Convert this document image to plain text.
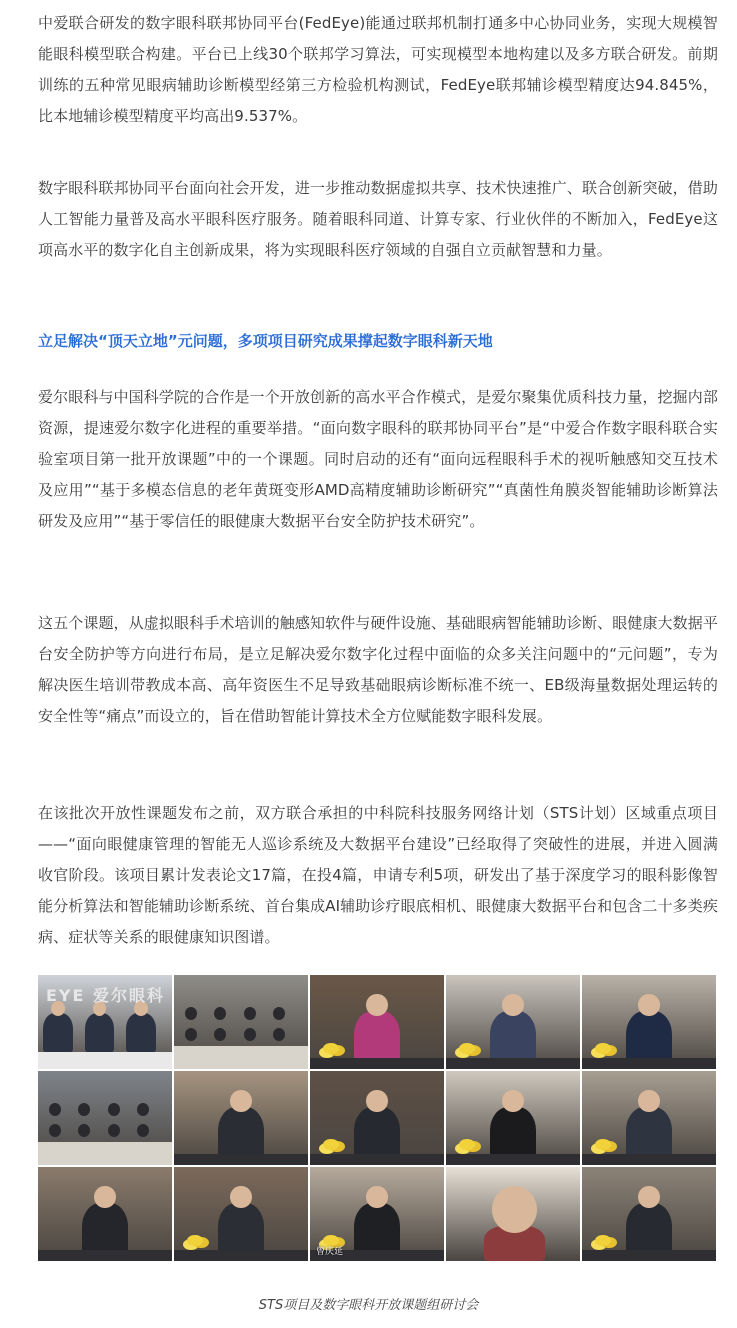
中爱联合研发的数字眼科联邦协同平台(FedEye)能通过联邦机制打通多中心协同业务，实现大规模智能眼科模型联合构建。平台已上线30个联邦学习算法，可实现模型本地构建以及多方联合研发。前期训练的五种常见眼病辅助诊断模型经第三方检验机构测试，FedEye联邦辅诊模型精度达94.845%，比本地辅诊模型精度平均高出9.537%。

数字眼科联邦协同平台面向社会开发，进一步推动数据虚拟共享、技术快速推广、联合创新突破，借助人工智能力量普及高水平眼科医疗服务。随着眼科同道、计算专家、行业伙伴的不断加入，FedEye这项高水平的数字化自主创新成果，将为实现眼科医疗领域的自强自立贡献智慧和力量。

立足解决“顶天立地”元问题，多项项目研究成果撑起数字眼科新天地

爱尔眼科与中国科学院的合作是一个开放创新的高水平合作模式，是爱尔聚集优质科技力量，挖掘内部资源，提速爱尔数字化进程的重要举措。“面向数字眼科的联邦协同平台”是“中爱合作数字眼科联合实验室项目第一批开放课题”中的一个课题。同时启动的还有“面向远程眼科手术的视听触感知交互技术及应用”“基于多模态信息的老年黄斑变形AMD高精度辅助诊断研究”“真菌性角膜炎智能辅助诊断算法研发及应用”“基于零信任的眼健康大数据平台安全防护技术研究”。

这五个课题，从虚拟眼科手术培训的触感知软件与硬件设施、基础眼病智能辅助诊断、眼健康大数据平台安全防护等方向进行布局，是立足解决爱尔数字化过程中面临的众多关注问题中的“元问题”，专为解决医生培训带教成本高、高年资医生不足导致基础眼病诊断标准不统一、EB级海量数据处理运转的安全性等“痛点”而设立的，旨在借助智能计算技术全方位赋能数字眼科发展。

在该批次开放性课题发布之前，双方联合承担的中科院科技服务网络计划（STS计划）区域重点项目——“面向眼健康管理的智能无人巡诊系统及大数据平台建设”已经取得了突破性的进展，并进入圆满收官阶段。该项目累计发表论文17篇，在投4篇，申请专利5项，研发出了基于深度学习的眼科影像智能分析算法和智能辅助诊断系统、首台集成AI辅助诊疗眼底相机、眼健康大数据平台和包含二十多类疾病、症状等关系的眼健康知识图谱。

EYE 爱尔眼科
曾庆延
STS项目及数字眼科开放课题组研讨会
